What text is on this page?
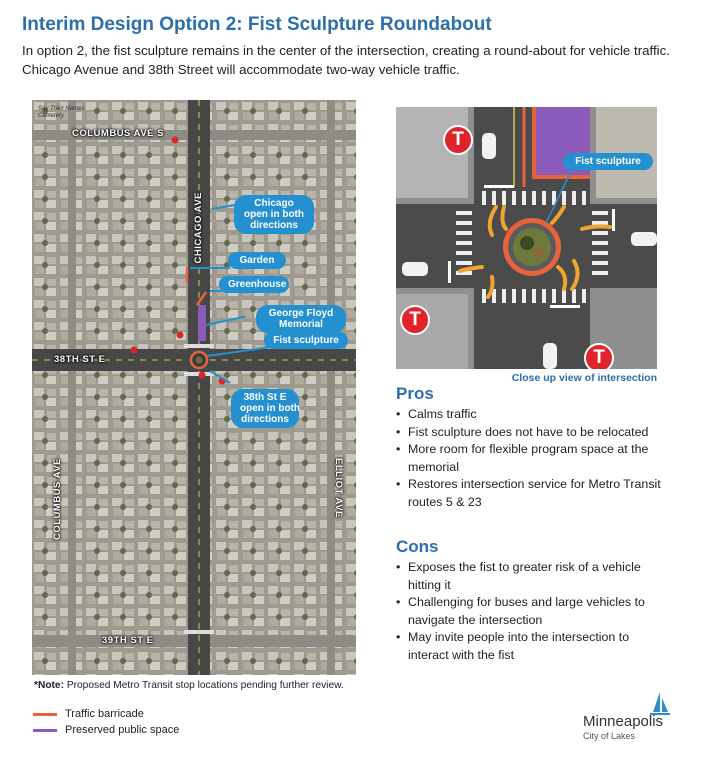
Interim Design Option 2: Fist Sculpture Roundabout
In option 2, the fist sculpture remains in the center of the intersection, creating a round-about for vehicle traffic. Chicago Avenue and 38th Street will accommodate two-way vehicle traffic.
Say Their Names
Cemetery
COLUMBUS AVE S
CHICAGO AVE
38TH ST E
COLUMBUS AVE	ELLIOT AVE
39TH ST E
Chicago
open in both
directions
Garden
Greenhouse
George Floyd
Memorial
Fist sculpture
38th St E
open in both
directions
T
T
T
Fist sculpture
Close up view of intersection
Pros
• Calms traffic
• Fist sculpture does not have to be relocated
• More room for flexible program space at the memorial
• Restores intersection service for Metro Transit routes 5 & 23
Cons
• Exposes the fist to greater risk of a vehicle hitting it
• Challenging for buses and large vehicles to navigate the intersection
• May invite people into the intersection to interact with the fist
*Note: Proposed Metro Transit stop locations pending further review.
Traffic barricade
Preserved public space	Minneapolis
City of Lakes
